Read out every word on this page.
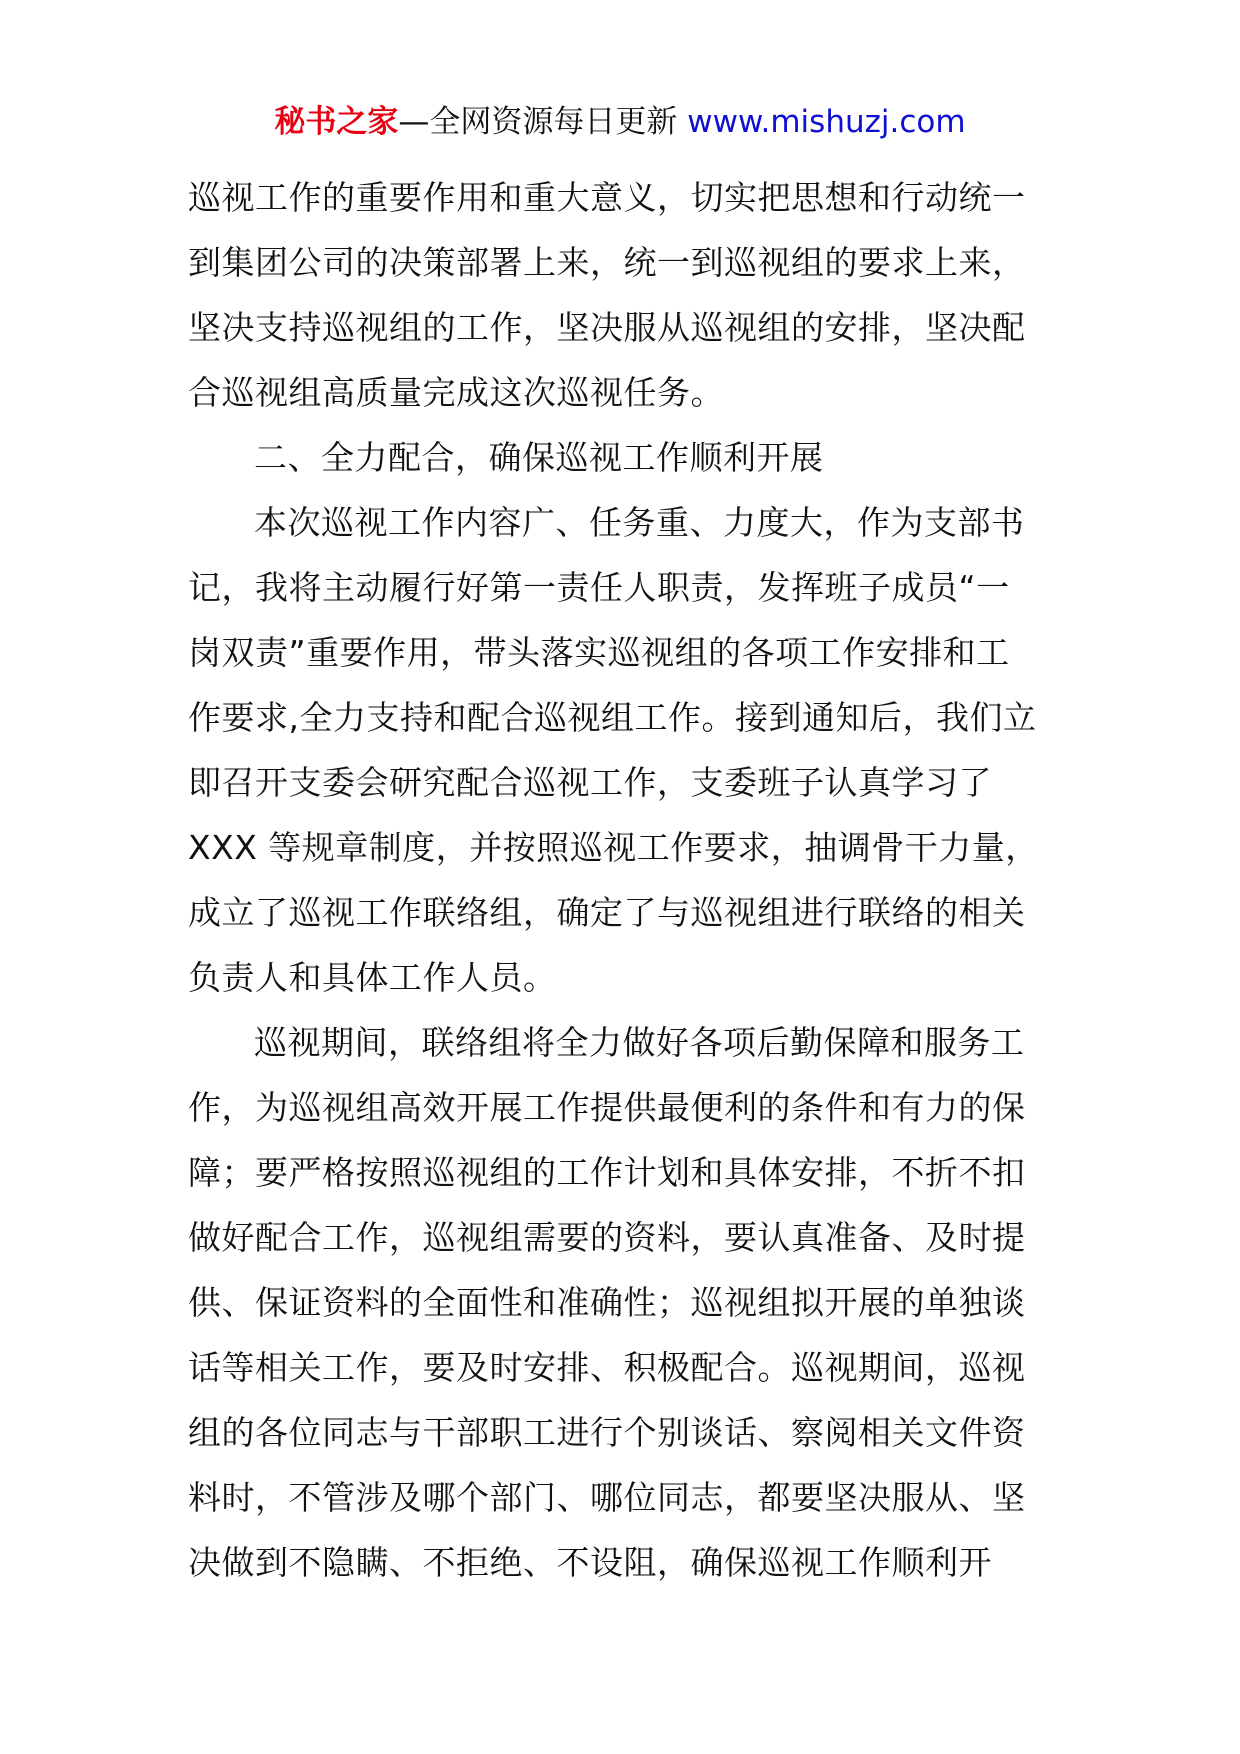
秘书之家—全网资源每日更新 www.mishuzj.com
巡视工作的重要作用和重大意义，切实把思想和行动统一
到集团公司的决策部署上来，统一到巡视组的要求上来，
坚决支持巡视组的工作，坚决服从巡视组的安排，坚决配
合巡视组高质量完成这次巡视任务。
二、全力配合，确保巡视工作顺利开展
本次巡视工作内容广、任务重、力度大，作为支部书
记，我将主动履行好第一责任人职责，发挥班子成员“一
岗双责”重要作用，带头落实巡视组的各项工作安排和工
作要求,全力支持和配合巡视组工作。接到通知后，我们立
即召开支委会研究配合巡视工作，支委班子认真学习了
XXX 等规章制度，并按照巡视工作要求，抽调骨干力量，
成立了巡视工作联络组，确定了与巡视组进行联络的相关
负责人和具体工作人员。
巡视期间，联络组将全力做好各项后勤保障和服务工
作，为巡视组高效开展工作提供最便利的条件和有力的保
障；要严格按照巡视组的工作计划和具体安排，不折不扣
做好配合工作，巡视组需要的资料，要认真准备、及时提
供、保证资料的全面性和准确性；巡视组拟开展的单独谈
话等相关工作，要及时安排、积极配合。巡视期间，巡视
组的各位同志与干部职工进行个别谈话、察阅相关文件资
料时，不管涉及哪个部门、哪位同志，都要坚决服从、坚
决做到不隐瞒、不拒绝、不设阻，确保巡视工作顺利开
